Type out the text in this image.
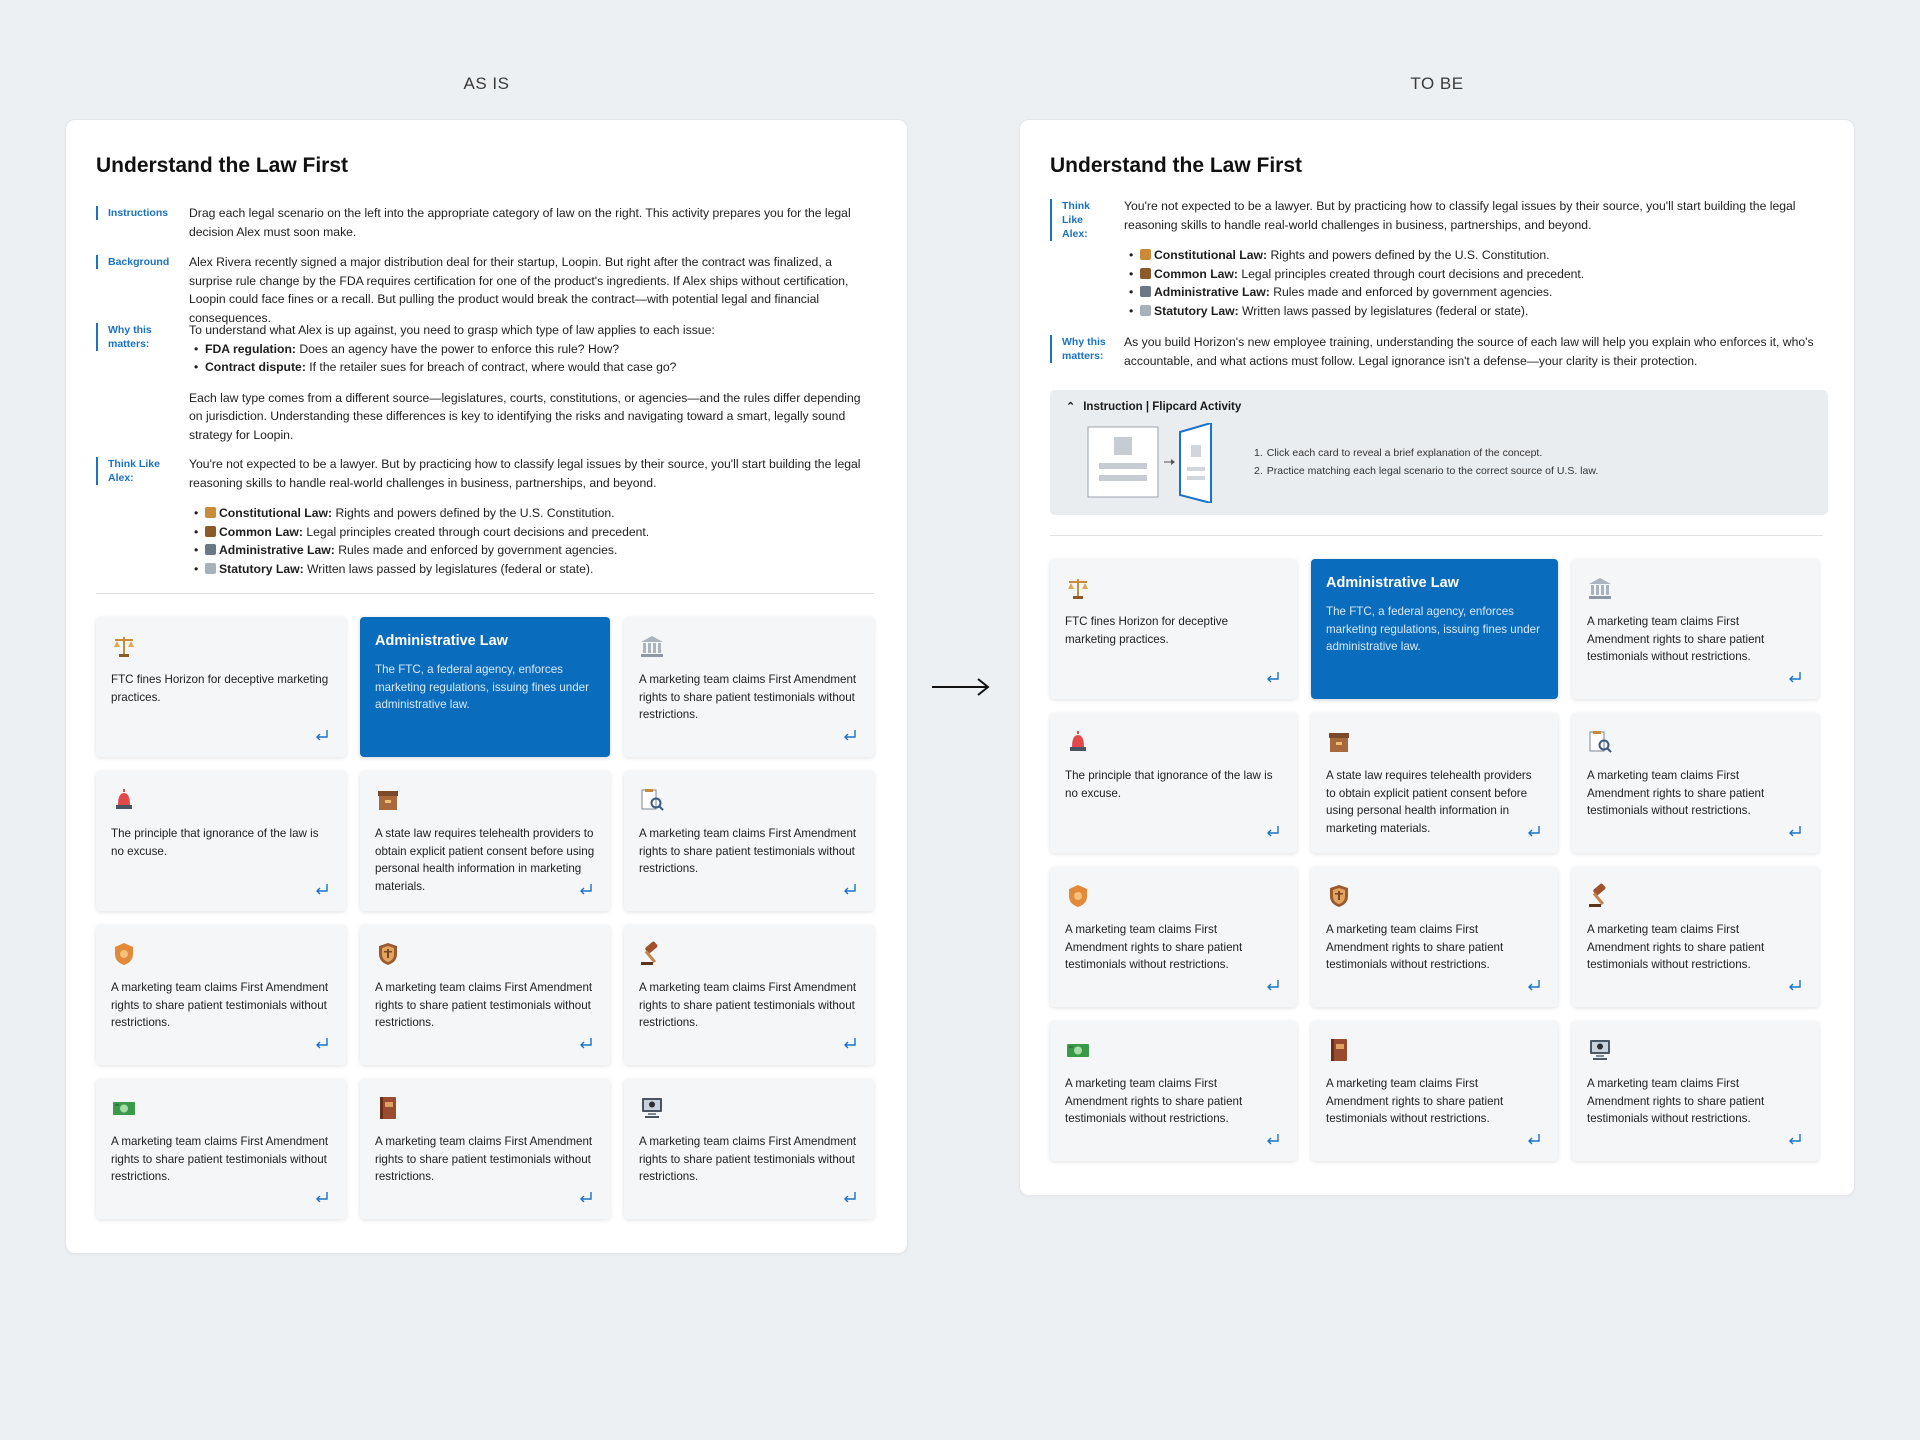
AS IS	TO BE
Understand the Law First
Instructions	Drag each legal scenario on the left into the appropriate category of law on the right. This activity prepares you for the legal decision Alex must soon make.

Background	Alex Rivera recently signed a major distribution deal for their startup, Loopin. But right after the contract was finalized, a surprise rule change by the FDA requires certification for one of the product's ingredients. If Alex ships without certification, Loopin could face fines or a recall. But pulling the product would break the contract—with potential legal and financial consequences.

Why this matters:

To understand what Alex is up against, you need to grasp which type of law applies to each issue:

• FDA regulation: Does an agency have the power to enforce this rule? How?
• Contract dispute: If the retailer sues for breach of contract, where would that case go?

Each law type comes from a different source—legislatures, courts, constitutions, or agencies—and the rules differ depending on jurisdiction. Understanding these differences is key to identifying the risks and navigating toward a smart, legally sound strategy for Loopin.

Think Like Alex:

You're not expected to be a lawyer. But by practicing how to classify legal issues by their source, you'll start building the legal reasoning skills to handle real-world challenges in business, partnerships, and beyond.

• Constitutional Law: Rights and powers defined by the U.S. Constitution.
• Common Law: Legal principles created through court decisions and precedent.
• Administrative Law: Rules made and enforced by government agencies.
• Statutory Law: Written laws passed by legislatures (federal or state).
FTC fines Horizon for deceptive marketing practices.
Administrative Law
The FTC, a federal agency, enforces marketing regulations, issuing fines under administrative law.
A marketing team claims First Amendment rights to share patient testimonials without restrictions.
The principle that ignorance of the law is no excuse.
A state law requires telehealth providers to obtain explicit patient consent before using personal health information in marketing materials.
A marketing team claims First Amendment rights to share patient testimonials without restrictions.
A marketing team claims First Amendment rights to share patient testimonials without restrictions.
A marketing team claims First Amendment rights to share patient testimonials without restrictions.
A marketing team claims First Amendment rights to share patient testimonials without restrictions.
A marketing team claims First Amendment rights to share patient testimonials without restrictions.
A marketing team claims First Amendment rights to share patient testimonials without restrictions.
A marketing team claims First Amendment rights to share patient testimonials without restrictions.
Understand the Law First
Think Like Alex:

You're not expected to be a lawyer. But by practicing how to classify legal issues by their source, you'll start building the legal reasoning skills to handle real-world challenges in business, partnerships, and beyond.

• Constitutional Law: Rights and powers defined by the U.S. Constitution.
• Common Law: Legal principles created through court decisions and precedent.
• Administrative Law: Rules made and enforced by government agencies.
• Statutory Law: Written laws passed by legislatures (federal or state).
Why this matters:

As you build Horizon's new employee training, understanding the source of each law will help you explain who enforces it, who's accountable, and what actions must follow. Legal ignorance isn't a defense—your clarity is their protection.

⌃ Instruction | Flipcard Activity
1. Click each card to reveal a brief explanation of the concept.
2. Practice matching each legal scenario to the correct source of U.S. law.
FTC fines Horizon for deceptive marketing practices.
Administrative Law
The FTC, a federal agency, enforces marketing regulations, issuing fines under administrative law.
A marketing team claims First Amendment rights to share patient testimonials without restrictions.
The principle that ignorance of the law is no excuse.
A state law requires telehealth providers to obtain explicit patient consent before using personal health information in marketing materials.
A marketing team claims First Amendment rights to share patient testimonials without restrictions.
A marketing team claims First Amendment rights to share patient testimonials without restrictions.
A marketing team claims First Amendment rights to share patient testimonials without restrictions.
A marketing team claims First Amendment rights to share patient testimonials without restrictions.
A marketing team claims First Amendment rights to share patient testimonials without restrictions.
A marketing team claims First Amendment rights to share patient testimonials without restrictions.
A marketing team claims First Amendment rights to share patient testimonials without restrictions.
